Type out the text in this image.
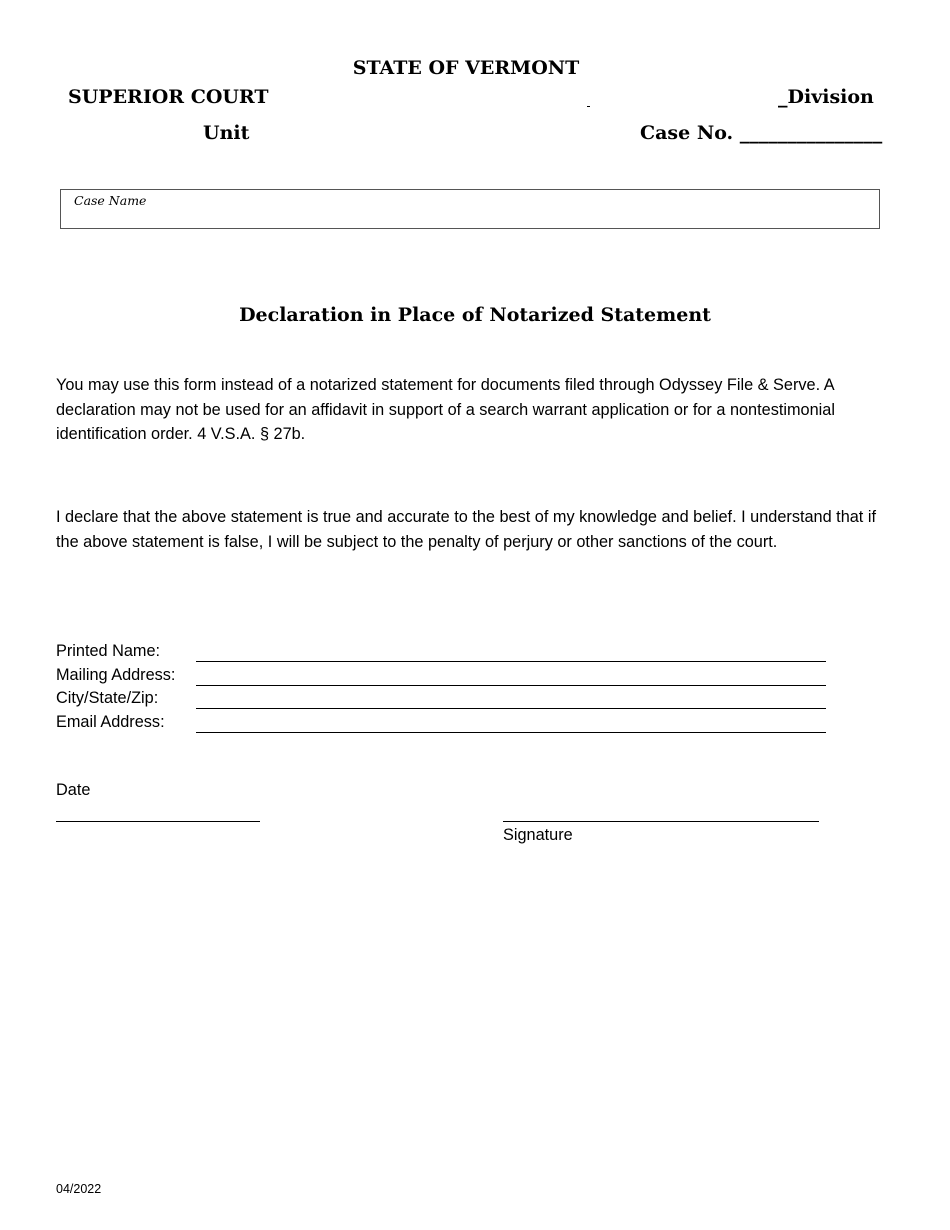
STATE OF VERMONT
SUPERIOR COURT	_Division
Unit	Case No. _______________
Case Name
Declaration in Place of Notarized Statement
You may use this form instead of a notarized statement for documents filed through Odyssey File & Serve. A declaration may not be used for an affidavit in support of a search warrant application or for a nontestimonial identification order. 4 V.S.A. § 27b.
I declare that the above statement is true and accurate to the best of my knowledge and belief. I understand that if the above statement is false, I will be subject to the penalty of perjury or other sanctions of the court.
Printed Name:
Mailing Address:
City/State/Zip:
Email Address:
Date
Signature
04/2022
